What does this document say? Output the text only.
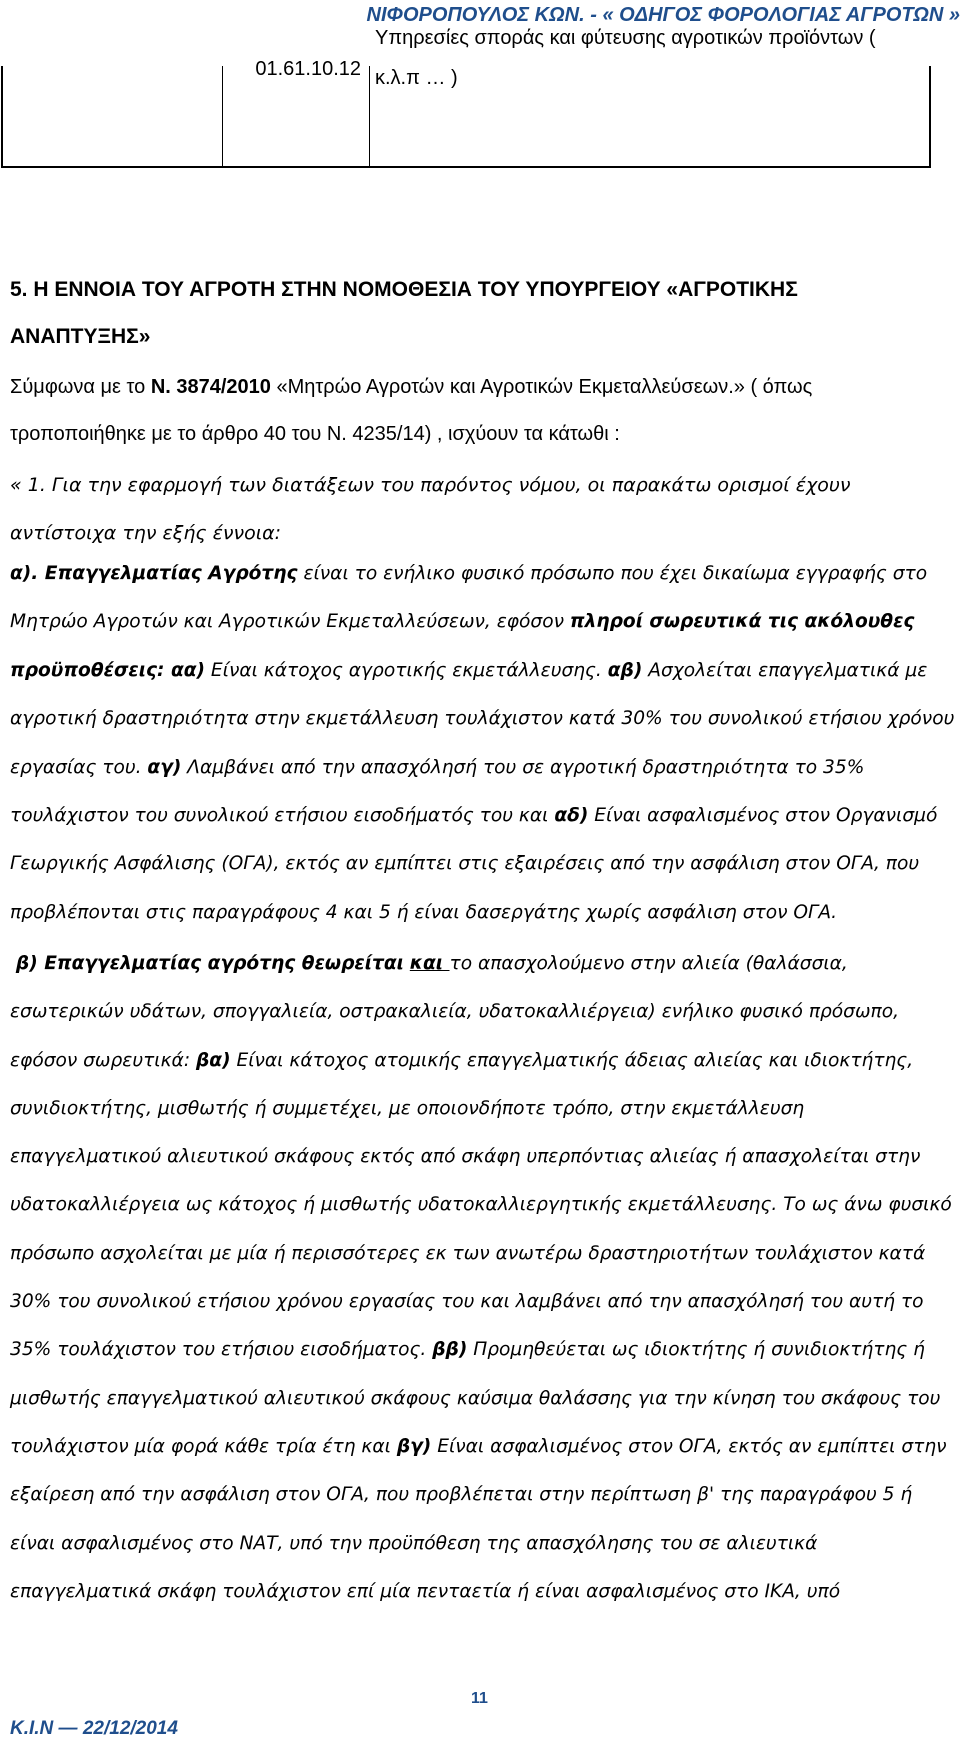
ΝΙΦΟΡΟΠΟΥΛΟΣ ΚΩΝ. - « ΟΔΗΓΟΣ ΦΟΡΟΛΟΓΙΑΣ ΑΓΡΟΤΩΝ »
01.61.10.12
Υπηρεσίες σποράς και φύτευσης αγροτικών προϊόντων ( κ.λ.π … )
5. Η ΕΝΝΟΙΑ ΤΟΥ ΑΓΡΟΤΗ ΣΤΗΝ ΝΟΜΟΘΕΣΙΑ ΤΟΥ ΥΠΟΥΡΓΕΙΟΥ «ΑΓΡΟΤΙΚΗΣ ΑΝΑΠΤΥΞΗΣ»

Σύμφωνα με το Ν. 3874/2010 «Μητρώο Αγροτών και Αγροτικών Εκμεταλλεύσεων.» ( όπως τροποποιήθηκε με το άρθρο 40 του Ν. 4235/14) , ισχύουν τα κάτωθι :

« 1. Για την εφαρμογή των διατάξεων του παρόντος νόμου, οι παρακάτω ορισμοί έχουν αντίστοιχα την εξής έννοια:

α). Επαγγελματίας Αγρότης είναι το ενήλικο φυσικό πρόσωπο που έχει δικαίωμα εγγραφής στο Μητρώο Αγροτών και Αγροτικών Εκμεταλλεύσεων, εφόσον πληροί σωρευτικά τις ακόλουθες προϋποθέσεις: αα) Είναι κάτοχος αγροτικής εκμετάλλευσης. αβ) Ασχολείται επαγγελματικά με αγροτική δραστηριότητα στην εκμετάλλευση τουλάχιστον κατά 30% του συνολικού ετήσιου χρόνου εργασίας του. αγ) Λαμβάνει από την απασχόλησή του σε αγροτική δραστηριότητα το 35% τουλάχιστον του συνολικού ετήσιου εισοδήματός του και αδ) Είναι ασφαλισμένος στον Οργανισμό Γεωργικής Ασφάλισης (ΟΓΑ), εκτός αν εμπίπτει στις εξαιρέσεις από την ασφάλιση στον ΟΓΑ, που προβλέπονται στις παραγράφους 4 και 5 ή είναι δασεργάτης χωρίς ασφάλιση στον ΟΓΑ.

β) Επαγγελματίας αγρότης θεωρείται και το απασχολούμενο στην αλιεία (θαλάσσια, εσωτερικών υδάτων, σπογγαλιεία, οστρακαλιεία, υδατοκαλλιέργεια) ενήλικο φυσικό πρόσωπο, εφόσον σωρευτικά: βα) Είναι κάτοχος ατομικής επαγγελματικής άδειας αλιείας και ιδιοκτήτης, συνιδιοκτήτης, μισθωτής ή συμμετέχει, με οποιονδήποτε τρόπο, στην εκμετάλλευση επαγγελματικού αλιευτικού σκάφους εκτός από σκάφη υπερπόντιας αλιείας ή απασχολείται στην υδατοκαλλιέργεια ως κάτοχος ή μισθωτής υδατοκαλλιεργητικής εκμετάλλευσης. Το ως άνω φυσικό πρόσωπο ασχολείται με μία ή περισσότερες εκ των ανωτέρω δραστηριοτήτων τουλάχιστον κατά 30% του συνολικού ετήσιου χρόνου εργασίας του και λαμβάνει από την απασχόλησή του αυτή το 35% τουλάχιστον του ετήσιου εισοδήματος. ββ) Προμηθεύεται ως ιδιοκτήτης ή συνιδιοκτήτης ή μισθωτής επαγγελματικού αλιευτικού σκάφους καύσιμα θαλάσσης για την κίνηση του σκάφους του τουλάχιστον μία φορά κάθε τρία έτη και βγ) Είναι ασφαλισμένος στον ΟΓΑ, εκτός αν εμπίπτει στην εξαίρεση από την ασφάλιση στον ΟΓΑ, που προβλέπεται στην περίπτωση β' της παραγράφου 5 ή είναι ασφαλισμένος στο ΝΑΤ, υπό την προϋπόθεση της απασχόλησης του σε αλιευτικά επαγγελματικά σκάφη τουλάχιστον επί μία πενταετία ή είναι ασφαλισμένος στο ΙΚΑ, υπό

11
Κ.Ι.Ν — 22/12/2014
